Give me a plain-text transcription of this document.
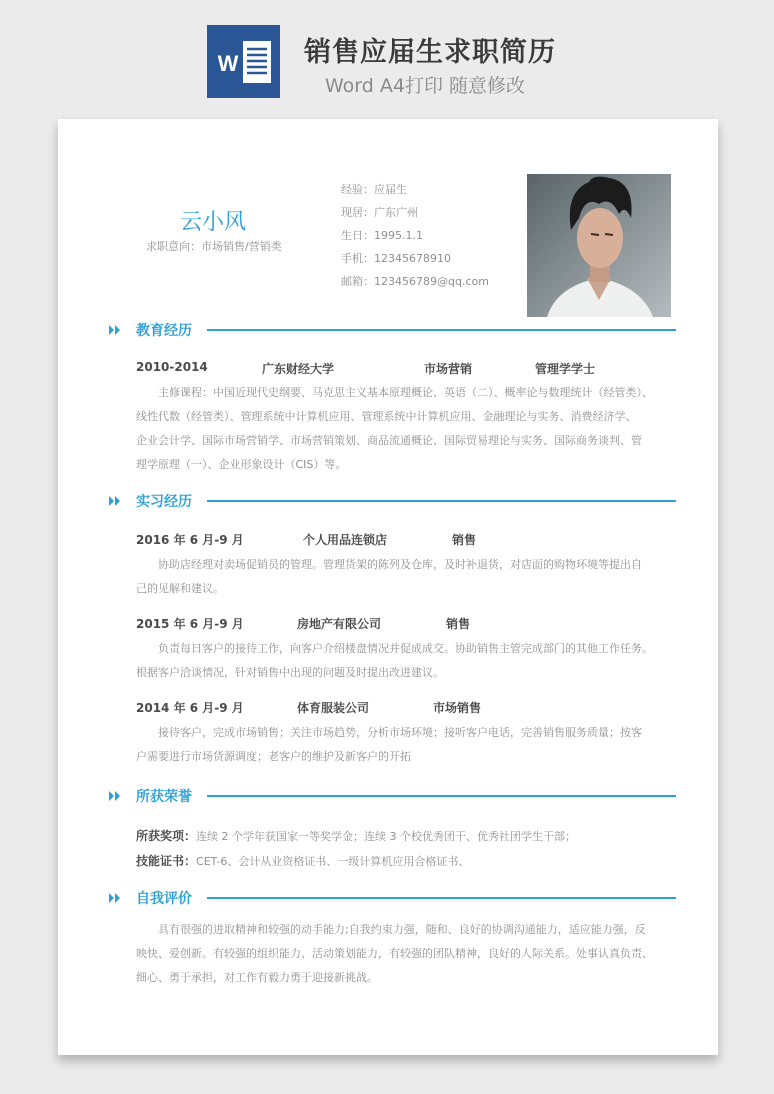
W 销售应届生求职简历
Word A4打印 随意修改
云小风
求职意向：市场销售/营销类
经验：应届生
现居：广东广州
生日：1995.1.1
手机：12345678910
邮箱：123456789@qq.com
教育经历
2010-2014	广东财经大学	市场营销	管理学学士
主修课程：中国近现代史纲要、马克思主义基本原理概论、英语（二）、概率论与数理统计（经管类）、
线性代数（经管类）、管理系统中计算机应用、管理系统中计算机应用、金融理论与实务、消费经济学、
企业会计学、国际市场营销学、市场营销策划、商品流通概论、国际贸易理论与实务、国际商务谈判、管
理学原理（一）、企业形象设计（CIS）等。
实习经历
2016 年 6 月-9 月	个人用品连锁店	销售
协助店经理对卖场促销员的管理。管理货架的陈列及仓库，及时补退货，对店面的购物环境等提出自
己的见解和建议。
2015 年 6 月-9 月	房地产有限公司	销售
负责每日客户的接待工作，向客户介绍楼盘情况并促成成交。协助销售主管完成部门的其他工作任务。
根据客户洽谈情况，针对销售中出现的问题及时提出改进建议。
2014 年 6 月-9 月	体育服装公司	市场销售
接待客户，完成市场销售；关注市场趋势，分析市场环境；接听客户电话，完善销售服务质量；按客
户需要进行市场货源调度；老客户的维护及新客户的开拓
所获荣誉
所获奖项：连续 2 个学年获国家一等奖学金；连续 3 个校优秀团干、优秀社团学生干部；
技能证书：CET-6、会计从业资格证书、一级计算机应用合格证书、
自我评价
具有很强的进取精神和较强的动手能力;自我约束力强，随和、良好的协调沟通能力，适应能力强，反
映快、爱创新。有较强的组织能力、活动策划能力，有较强的团队精神，良好的人际关系。处事认真负责、
细心、勇于承担，对工作有毅力勇于迎接新挑战。
